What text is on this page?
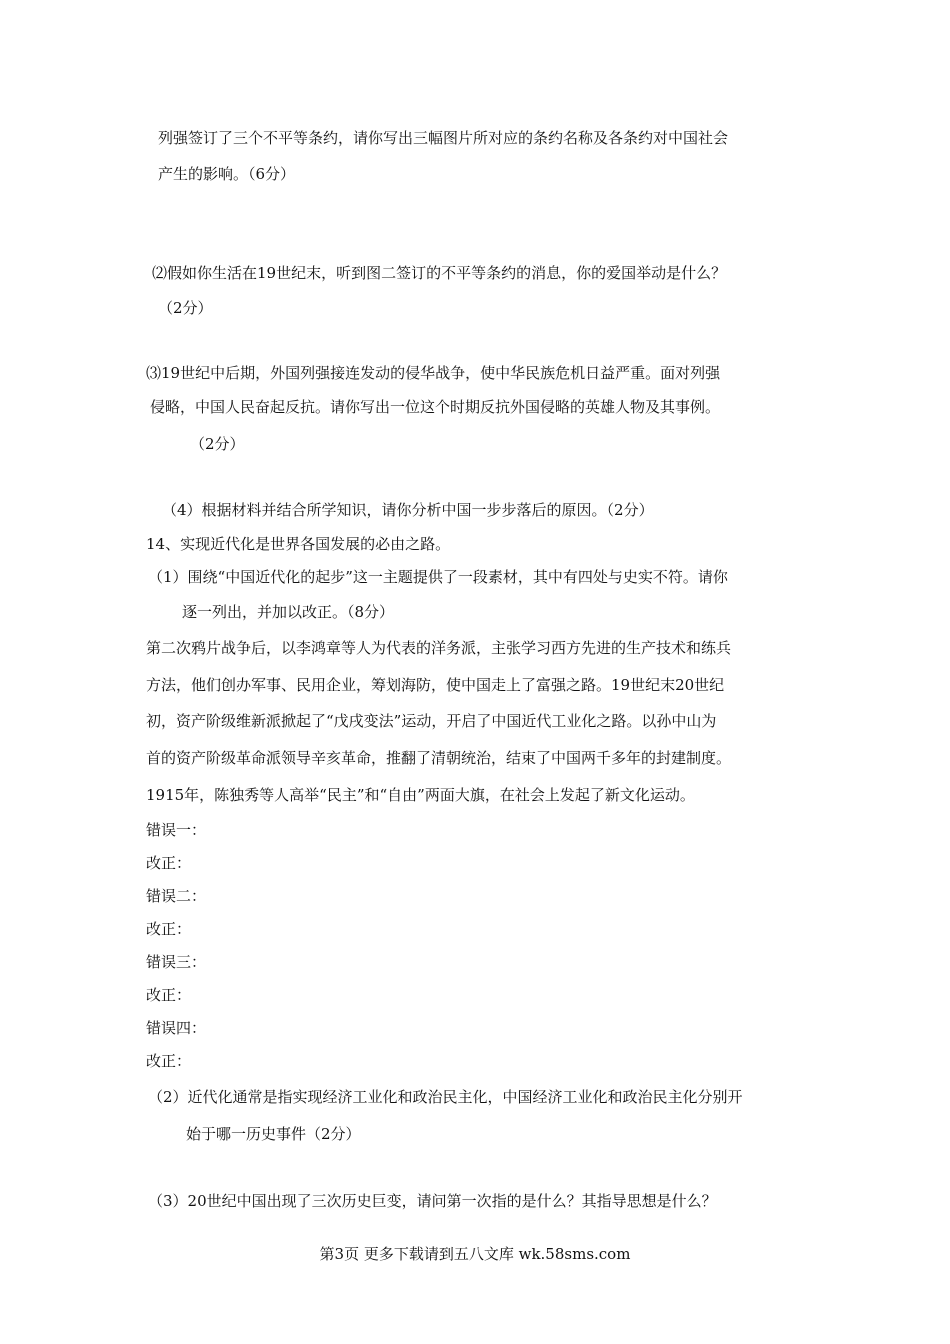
列强签订了三个不平等条约，请你写出三幅图片所对应的条约名称及各条约对中国社会
产生的影响。（6分）
⑵假如你生活在19世纪末，听到图二签订的不平等条约的消息，你的爱国举动是什么？
（2分）
⑶19世纪中后期，外国列强接连发动的侵华战争，使中华民族危机日益严重。面对列强
侵略，中国人民奋起反抗。请你写出一位这个时期反抗外国侵略的英雄人物及其事例。
（2分）
（4）根据材料并结合所学知识，请你分析中国一步步落后的原因。（2分）
14、实现近代化是世界各国发展的必由之路。
（1）围绕“中国近代化的起步”这一主题提供了一段素材，其中有四处与史实不符。请你
逐一列出，并加以改正。（8分）
第二次鸦片战争后，以李鸿章等人为代表的洋务派，主张学习西方先进的生产技术和练兵
方法，他们创办军事、民用企业，筹划海防，使中国走上了富强之路。19世纪末20世纪
初，资产阶级维新派掀起了“戊戌变法”运动，开启了中国近代工业化之路。以孙中山为
首的资产阶级革命派领导辛亥革命，推翻了清朝统治，结束了中国两千多年的封建制度。
1915年，陈独秀等人高举“民主”和“自由”两面大旗，在社会上发起了新文化运动。
错误一：
改正：
错误二：
改正：
错误三：
改正：
错误四：
改正：
（2）近代化通常是指实现经济工业化和政治民主化，中国经济工业化和政治民主化分别开
始于哪一历史事件（2分）
（3）20世纪中国出现了三次历史巨变，请问第一次指的是什么？其指导思想是什么？
第3页 更多下载请到五八文库 wk.58sms.com
